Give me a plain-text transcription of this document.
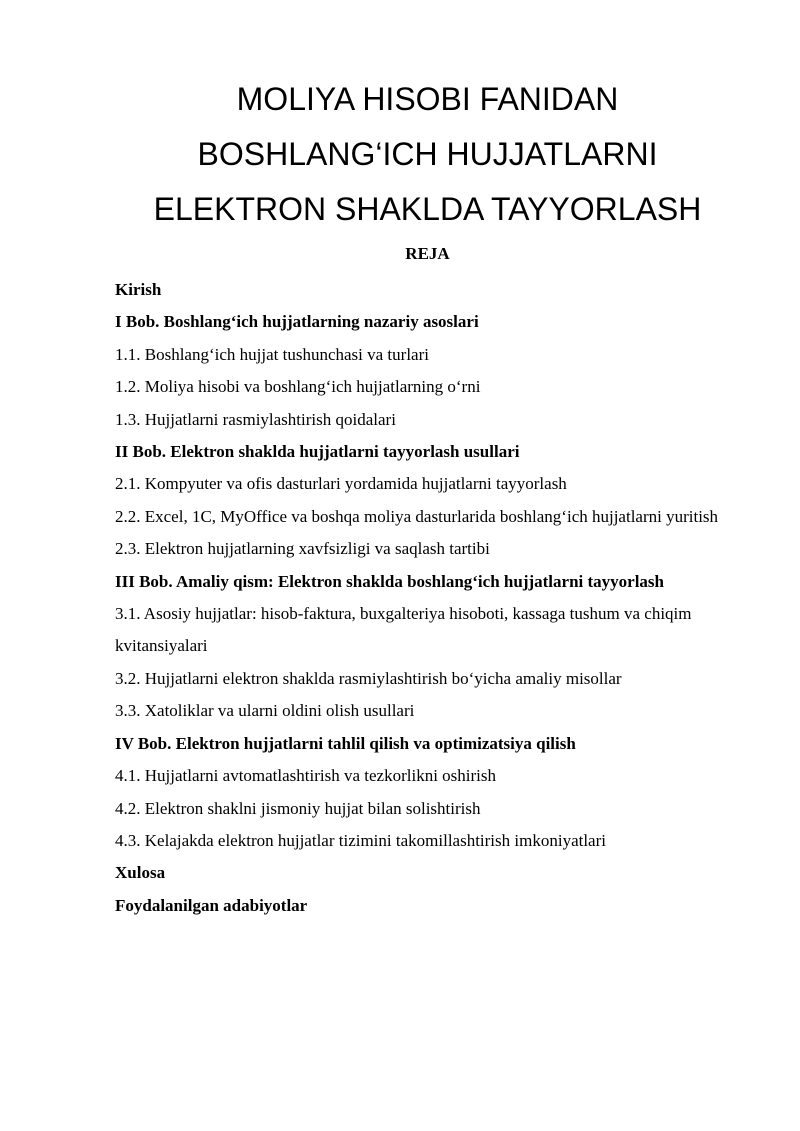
MOLIYA HISOBI FANIDAN
BOSHLANG‘ICH HUJJATLARNI
ELEKTRON SHAKLDA TAYYORLASH
REJA
Kirish
I Bob. Boshlang‘ich hujjatlarning nazariy asoslari
1.1. Boshlang‘ich hujjat tushunchasi va turlari
1.2. Moliya hisobi va boshlang‘ich hujjatlarning o‘rni
1.3. Hujjatlarni rasmiylashtirish qoidalari
II Bob. Elektron shaklda hujjatlarni tayyorlash usullari
2.1. Kompyuter va ofis dasturlari yordamida hujjatlarni tayyorlash
2.2. Excel, 1C, MyOffice va boshqa moliya dasturlarida boshlang‘ich hujjatlarni yuritish
2.3. Elektron hujjatlarning xavfsizligi va saqlash tartibi
III Bob. Amaliy qism: Elektron shaklda boshlang‘ich hujjatlarni tayyorlash
3.1. Asosiy hujjatlar: hisob-faktura, buxgalteriya hisoboti, kassaga tushum va chiqim kvitansiyalari
3.2. Hujjatlarni elektron shaklda rasmiylashtirish bo‘yicha amaliy misollar
3.3. Xatoliklar va ularni oldini olish usullari
IV Bob. Elektron hujjatlarni tahlil qilish va optimizatsiya qilish
4.1. Hujjatlarni avtomatlashtirish va tezkorlikni oshirish
4.2. Elektron shaklni jismoniy hujjat bilan solishtirish
4.3. Kelajakda elektron hujjatlar tizimini takomillashtirish imkoniyatlari
Xulosa
Foydalanilgan adabiyotlar
